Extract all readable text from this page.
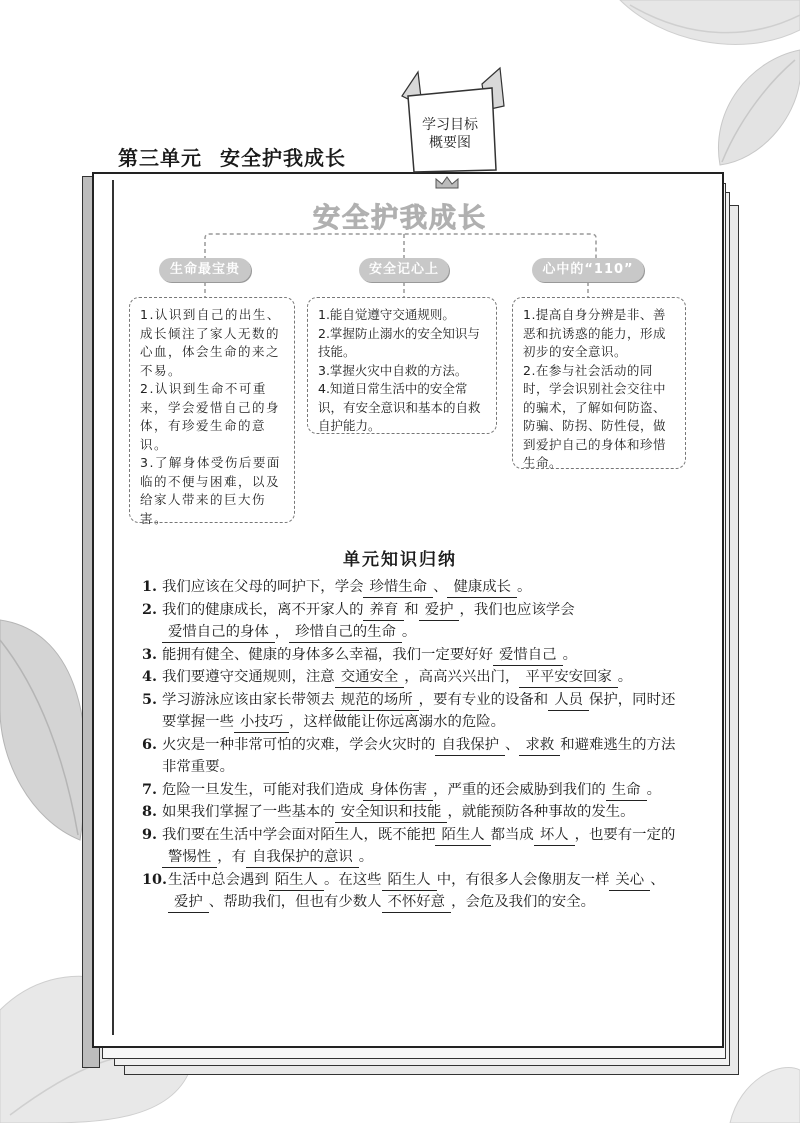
第三单元 安全护我成长
学习目标
概要图
安全护我成长
生命最宝贵	安全记心上	心中的“110”

1.认识到自己的出生、成长倾注了家人无数的心血，体会生命的来之不易。

2.认识到生命不可重来，学会爱惜自己的身体，有珍爱生命的意识。

3.了解身体受伤后要面临的不便与困难，以及给家人带来的巨大伤害。

1.能自觉遵守交通规则。

2.掌握防止溺水的安全知识与技能。

3.掌握火灾中自救的方法。

4.知道日常生活中的安全常识，有安全意识和基本的自救自护能力。

1.提高自身分辨是非、善恶和抗诱惑的能力，形成初步的安全意识。

2.在参与社会活动的同时，学会识别社会交往中的骗术，了解如何防盗、防骗、防拐、防性侵，做到爱护自己的身体和珍惜生命。

单元知识归纳
1. 我们应该在父母的呵护下，学会 珍惜生命 、 健康成长 。
2. 我们的健康成长，离不开家人的 养育 和 爱护 ，我们也应该学会爱惜自己的身体 ， 珍惜自己的生命 。
3. 能拥有健全、健康的身体多么幸福，我们一定要好好 爱惜自己 。
4. 我们要遵守交通规则，注意 交通安全 ，高高兴兴出门， 平平安安回家 。
5. 学习游泳应该由家长带领去 规范的场所 ，要有专业的设备和 人员 保护，同时还要掌握一些 小技巧 ，这样做能让你远离溺水的危险。
6. 火灾是一种非常可怕的灾难，学会火灾时的 自我保护 、 求救 和避难逃生的方法非常重要。
7. 危险一旦发生，可能对我们造成 身体伤害 ，严重的还会威胁到我们的 生命 。
8. 如果我们掌握了一些基本的 安全知识和技能 ，就能预防各种事故的发生。
9. 我们要在生活中学会面对陌生人，既不能把 陌生人 都当成 坏人 ，也要有一定的警惕性 ，有 自我保护的意识 。
10. 生活中总会遇到 陌生人 。在这些 陌生人 中，有很多人会像朋友一样 关心 、爱护 、帮助我们，但也有少数人 不怀好意 ，会危及我们的安全。
